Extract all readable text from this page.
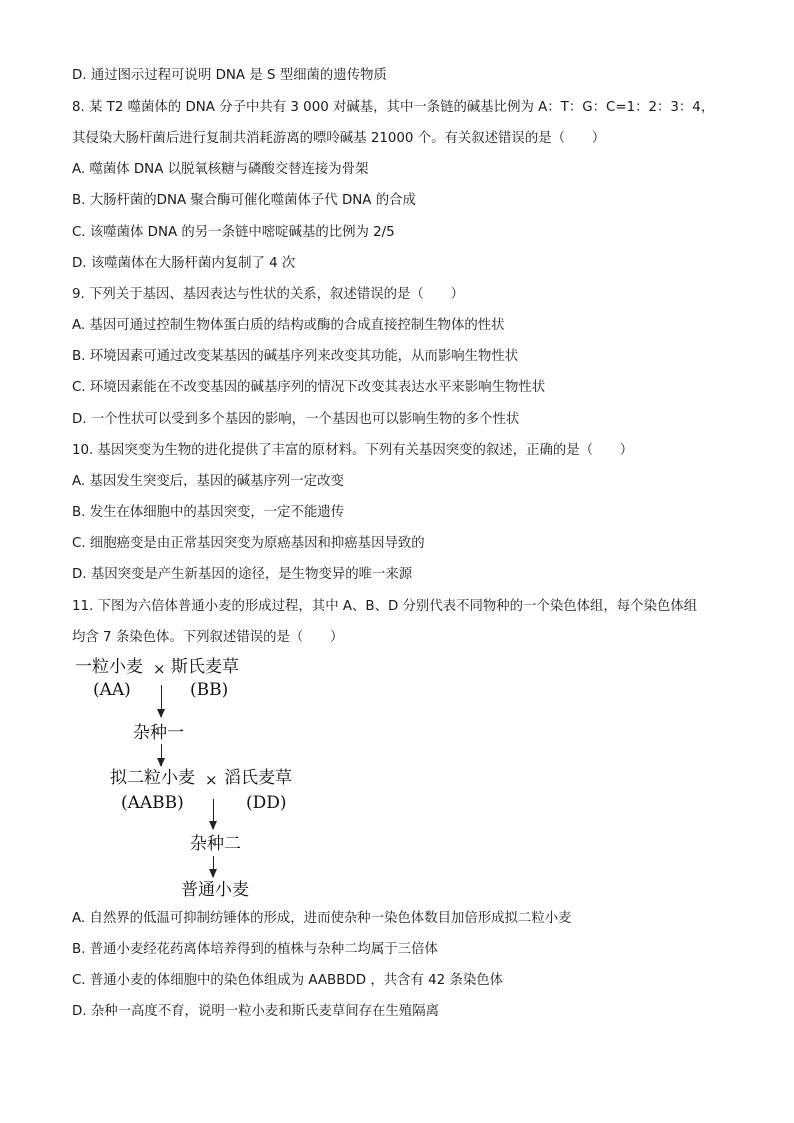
D. 通过图示过程可说明 DNA 是 S 型细菌的遗传物质
8. 某 T2 噬菌体的 DNA 分子中共有 3 000 对碱基，其中一条链的碱基比例为 A：T：G：C=1：2：3：4，
其侵染大肠杆菌后进行复制共消耗游离的嘌呤碱基 21000 个。有关叙述错误的是（　　）
A. 噬菌体 DNA 以脱氧核糖与磷酸交替连接为骨架
B. 大肠杆菌的DNA 聚合酶可催化噬菌体子代 DNA 的合成
C. 该噬菌体 DNA 的另一条链中嘧啶碱基的比例为 2/5
D. 该噬菌体在大肠杆菌内复制了 4 次
9. 下列关于基因、基因表达与性状的关系，叙述错误的是（　　）
A. 基因可通过控制生物体蛋白质的结构或酶的合成直接控制生物体的性状
B. 环境因素可通过改变某基因的碱基序列来改变其功能，从而影响生物性状
C. 环境因素能在不改变基因的碱基序列的情况下改变其表达水平来影响生物性状
D. 一个性状可以受到多个基因的影响，一个基因也可以影响生物的多个性状
10. 基因突变为生物的进化提供了丰富的原材料。下列有关基因突变的叙述，正确的是（　　）
A. 基因发生突变后，基因的碱基序列一定改变
B. 发生在体细胞中的基因突变，一定不能遗传
C. 细胞癌变是由正常基因突变为原癌基因和抑癌基因导致的
D. 基因突变是产生新基因的途径，是生物变异的唯一来源
11. 下图为六倍体普通小麦的形成过程，其中 A、B、D 分别代表不同物种的一个染色体组，每个染色体组
均含 7 条染色体。下列叙述错误的是（　　）
一粒小麦 × 斯氏麦草
(AA)	(BB)
杂种一
拟二粒小麦 × 滔氏麦草
(AABB)	(DD)
杂种二
普通小麦
A. 自然界的低温可抑制纺锤体的形成，进而使杂种一染色体数目加倍形成拟二粒小麦
B. 普通小麦经花药离体培养得到的植株与杂种二均属于三倍体
C. 普通小麦的体细胞中的染色体组成为 AABBDD ，共含有 42 条染色体
D. 杂种一高度不育，说明一粒小麦和斯氏麦草间存在生殖隔离
